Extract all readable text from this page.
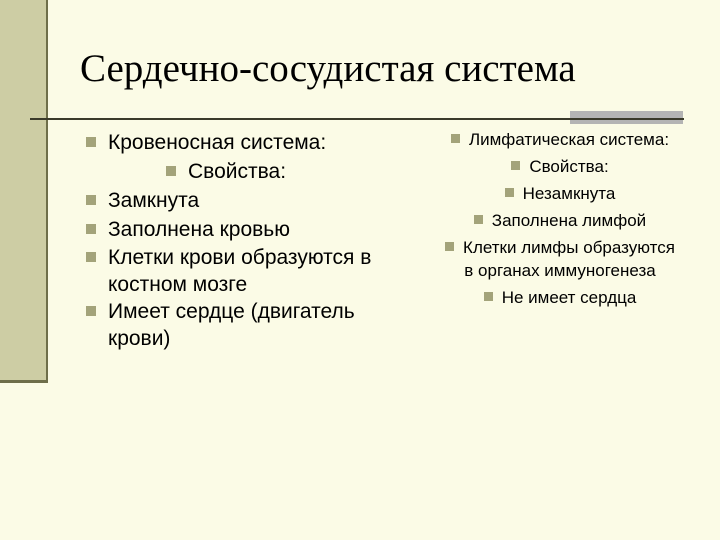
Сердечно-сосудистая система
Кровеносная система:
Свойства:
Замкнута
Заполнена кровью
Клетки крови образуются в костном мозге
Имеет сердце (двигатель крови)
Лимфатическая система:
Свойства:
Незамкнута
Заполнена лимфой
Клетки лимфы образуются в органах иммуногенеза
Не имеет сердца
